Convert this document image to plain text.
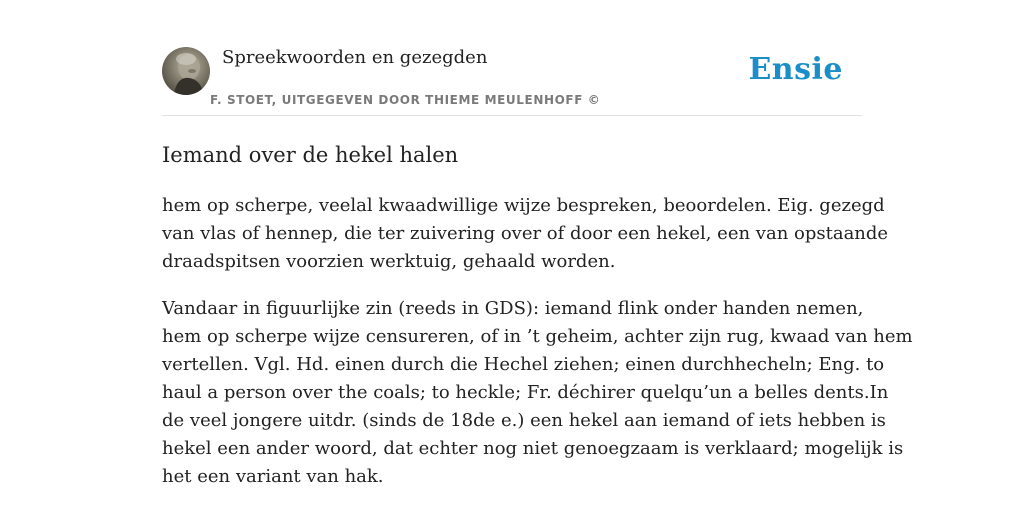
Spreekwoorden en gezegden
F. STOET, UITGEGEVEN DOOR THIEME MEULENHOFF ©
Ensie
Iemand over de hekel halen

hem op scherpe, veelal kwaadwillige wijze bespreken, beoordelen. Eig. gezegd
van vlas of hennep, die ter zuivering over of door een hekel, een van opstaande
draadspitsen voorzien werktuig, gehaald worden.

Vandaar in figuurlijke zin (reeds in GDS): iemand flink onder handen nemen,
hem op scherpe wijze censureren, of in ’t geheim, achter zijn rug, kwaad van hem
vertellen. Vgl. Hd. einen durch die Hechel ziehen; einen durchhecheln; Eng. to
haul a person over the coals; to heckle; Fr. déchirer quelqu’un a belles dents.In
de veel jongere uitdr. (sinds de 18de e.) een hekel aan iemand of iets hebben is
hekel een ander woord, dat echter nog niet genoegzaam is verklaard; mogelijk is
het een variant van hak.
